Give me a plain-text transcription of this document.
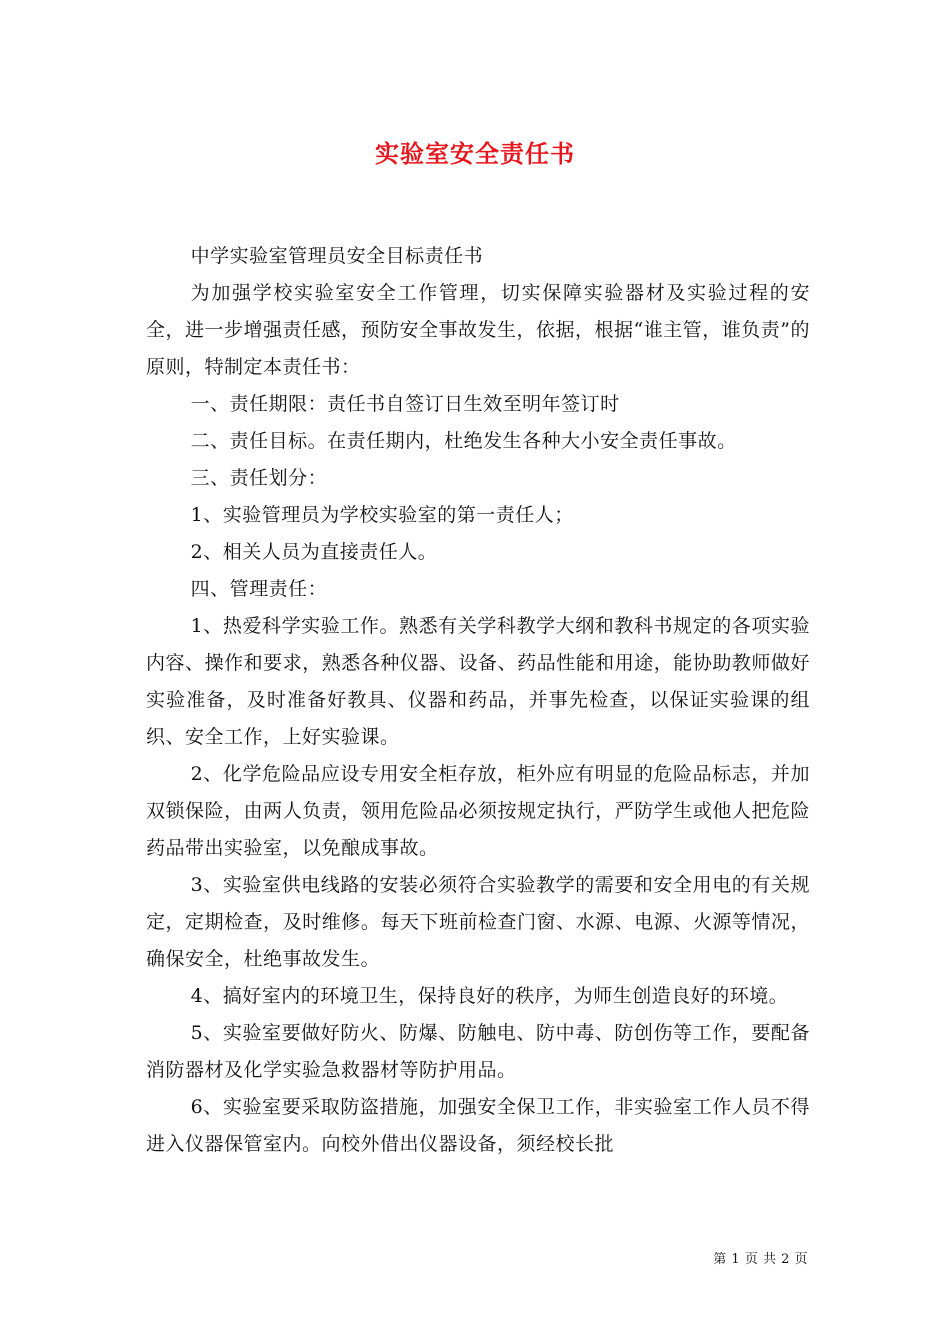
实验室安全责任书

中学实验室管理员安全目标责任书

为加强学校实验室安全工作管理，切实保障实验器材及实验过程的安全，进一步增强责任感，预防安全事故发生，依据，根据“谁主管，谁负责”的原则，特制定本责任书：

一、责任期限：责任书自签订日生效至明年签订时

二、责任目标。在责任期内，杜绝发生各种大小安全责任事故。

三、责任划分：

1、实验管理员为学校实验室的第一责任人；

2、相关人员为直接责任人。

四、管理责任：

1、热爱科学实验工作。熟悉有关学科教学大纲和教科书规定的各项实验内容、操作和要求，熟悉各种仪器、设备、药品性能和用途，能协助教师做好实验准备，及时准备好教具、仪器和药品，并事先检查，以保证实验课的组织、安全工作，上好实验课。

2、化学危险品应设专用安全柜存放，柜外应有明显的危险品标志，并加双锁保险，由两人负责，领用危险品必须按规定执行，严防学生或他人把危险药品带出实验室，以免酿成事故。

3、实验室供电线路的安装必须符合实验教学的需要和安全用电的有关规定，定期检查，及时维修。每天下班前检查门窗、水源、电源、火源等情况，确保安全，杜绝事故发生。

4、搞好室内的环境卫生，保持良好的秩序，为师生创造良好的环境。

5、实验室要做好防火、防爆、防触电、防中毒、防创伤等工作，要配备消防器材及化学实验急救器材等防护用品。

6、实验室要采取防盗措施，加强安全保卫工作，非实验室工作人员不得进入仪器保管室内。向校外借出仪器设备，须经校长批

第 1 页 共 2 页
